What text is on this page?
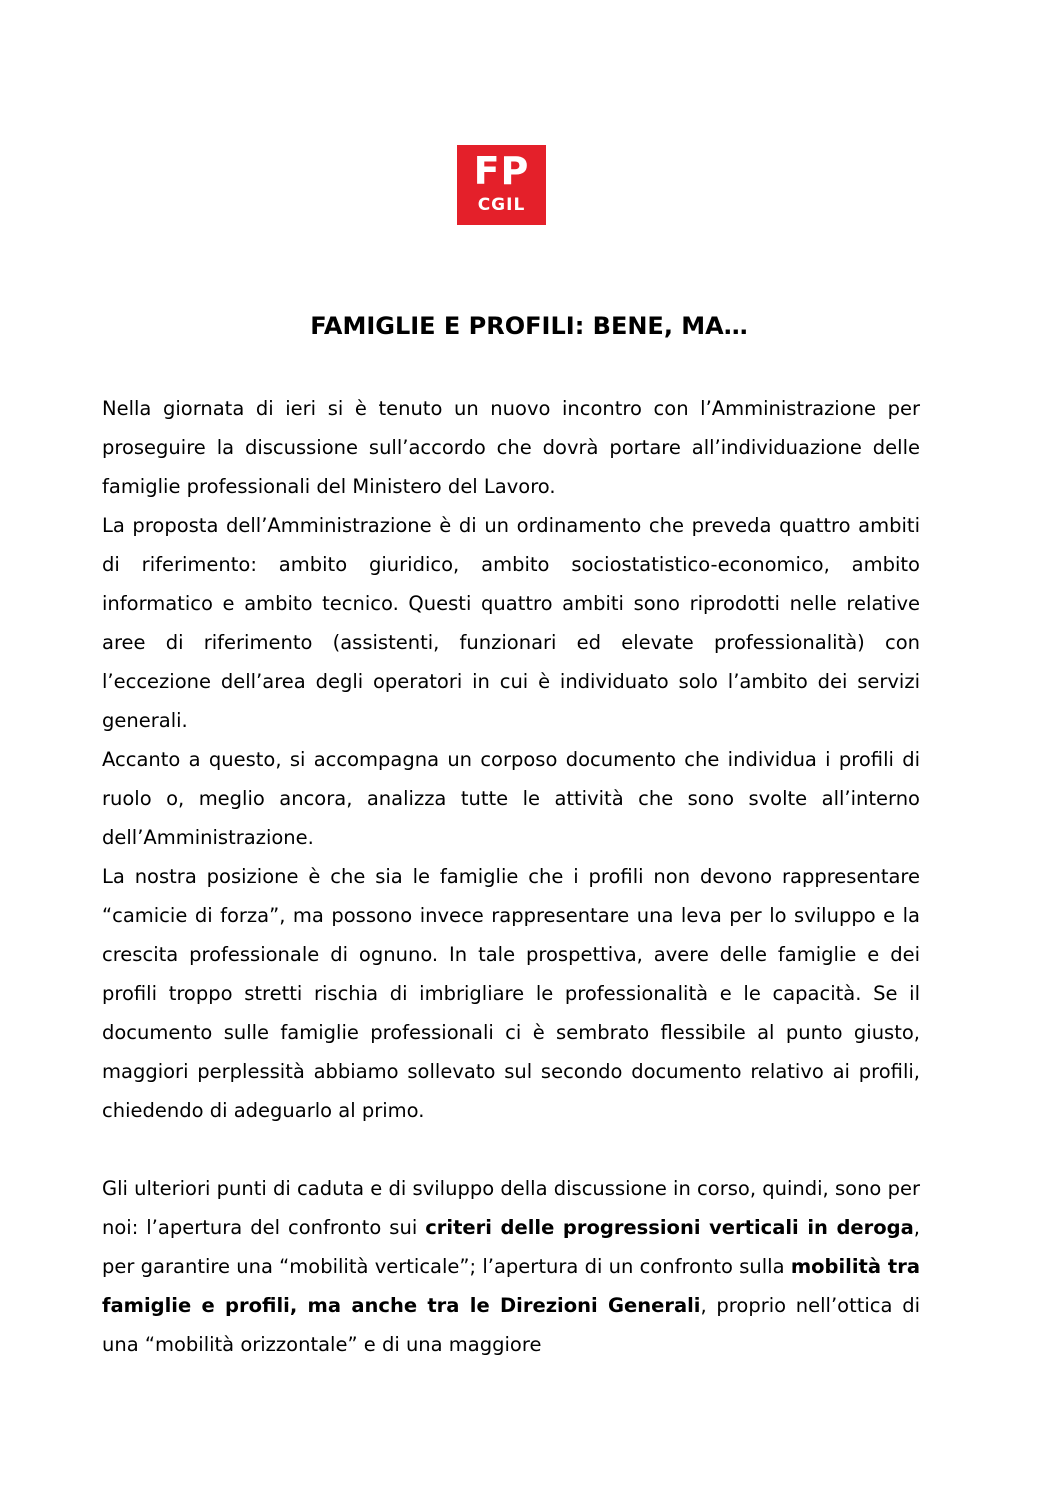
FP
CGIL
FAMIGLIE E PROFILI: BENE, MA…

Nella giornata di ieri si è tenuto un nuovo incontro con l’Amministrazione per proseguire la discussione sull’accordo che dovrà portare all’individuazione delle famiglie professionali del Ministero del Lavoro.

La proposta dell’Amministrazione è di un ordinamento che preveda quattro ambiti di riferimento: ambito giuridico, ambito sociostatistico-economico, ambito informatico e ambito tecnico. Questi quattro ambiti sono riprodotti nelle relative aree di riferimento (assistenti, funzionari ed elevate professionalità) con l’eccezione dell’area degli operatori in cui è individuato solo l’ambito dei servizi generali.

Accanto a questo, si accompagna un corposo documento che individua i profili di ruolo o, meglio ancora, analizza tutte le attività che sono svolte all’interno dell’Amministrazione.

La nostra posizione è che sia le famiglie che i profili non devono rappresentare “camicie di forza”, ma possono invece rappresentare una leva per lo sviluppo e la crescita professionale di ognuno. In tale prospettiva, avere delle famiglie e dei profili troppo stretti rischia di imbrigliare le professionalità e le capacità. Se il documento sulle famiglie professionali ci è sembrato flessibile al punto giusto, maggiori perplessità abbiamo sollevato sul secondo documento relativo ai profili, chiedendo di adeguarlo al primo.

Gli ulteriori punti di caduta e di sviluppo della discussione in corso, quindi, sono per noi: l’apertura del confronto sui criteri delle progressioni verticali in deroga, per garantire una “mobilità verticale”; l’apertura di un confronto sulla mobilità tra famiglie e profili, ma anche tra le Direzioni Generali, proprio nell’ottica di una “mobilità orizzontale” e di una maggiore
